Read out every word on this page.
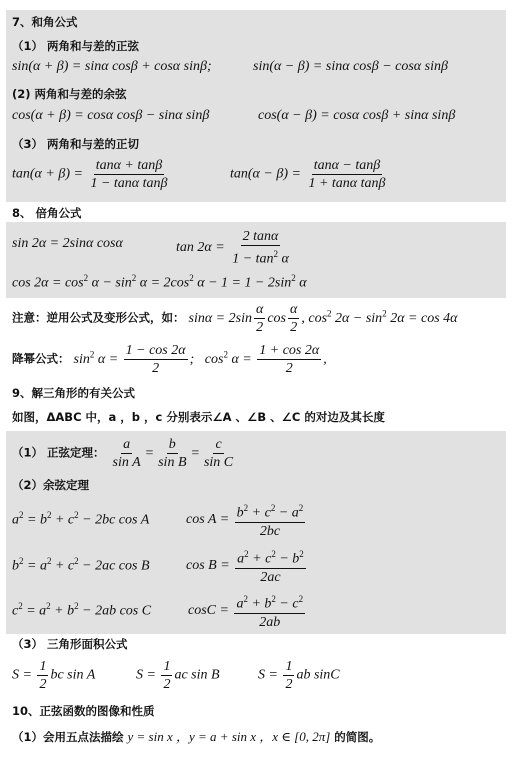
7、和角公式
（1） 两角和与差的正弦
sin(α + β) = sinα cosβ + cosα sinβ;	sin(α − β) = sinα cosβ − cosα sinβ
(2) 两角和与差的余弦
cos(α + β) = cosα cosβ − sinα sinβ	cos(α − β) = cosα cosβ + sinα sinβ
（3） 两角和与差的正切
$\tan(\alpha + \beta) = \frac{\tan\alpha + \tan\beta}{\text{1 − tanα tanβ}}$	$\tan(\alpha - \beta) = \frac{\tan\alpha - \tan\beta}{\text{1 + tanα tanβ}}$
8、 倍角公式
sin 2α = 2sinα cosα	$\tan 2\alpha = \frac{2 \tan\alpha}{1 - \tan^2 \alpha}$
$\cos 2\alpha = \cos^2 \alpha - \sin^2 \alpha = 2\cos^2$ $\alpha - 1 = 1 - 2\sin^2$ α
注意：逆用公式及变形公式，如： $\sin\alpha = 2\sin \frac{\alpha}{2}$ $\cos \frac{\alpha}{2}$ , $\cos^2 2\alpha - \sin^2 2\alpha = \cos 4\alpha$
降幂公式： $\sin^2 \alpha = \frac{1 - \cos 2\alpha}{2}$ ; $\cos^2 \alpha = \frac{1 + \cos 2\alpha}{2}$ ,
9、解三角形的有关公式
如图，ΔABC 中，a ，b ，c 分别表示∠A 、∠B 、∠C 的对边及其长度
（1） 正弦定理： $\frac{a}{\text{sin A}} = \frac{b}{\text{sin B}} = \frac{c}{\text{sin C}}$
（2）余弦定理
$a^2 = b^2 + c^2 - 2bc$ cos A	$\cos A = \frac{b^2 + c^2 - a^2}{2bc}$
$b^2 = a^2 + c^2 - 2ac$ cos B	$\cos B = \frac{a^2 + c^2 - b^2}{2ac}$
$c^2 = a^2 + b^2 - 2ab$ cos C	$\cos C = \frac{a^2 + b^2 - c^2}{2ab}$
（3） 三角形面积公式
$S = \frac{1}{2}$ bc sin A	$S = \frac{1}{2}$ ac sin B	$S = \frac{1}{2}$ ab sinC
10、正弦函数的图像和性质
（1）会用五点法描绘 y = sin x ，y = a + sin x ，x ∈ [0, 2π] 的简图。
